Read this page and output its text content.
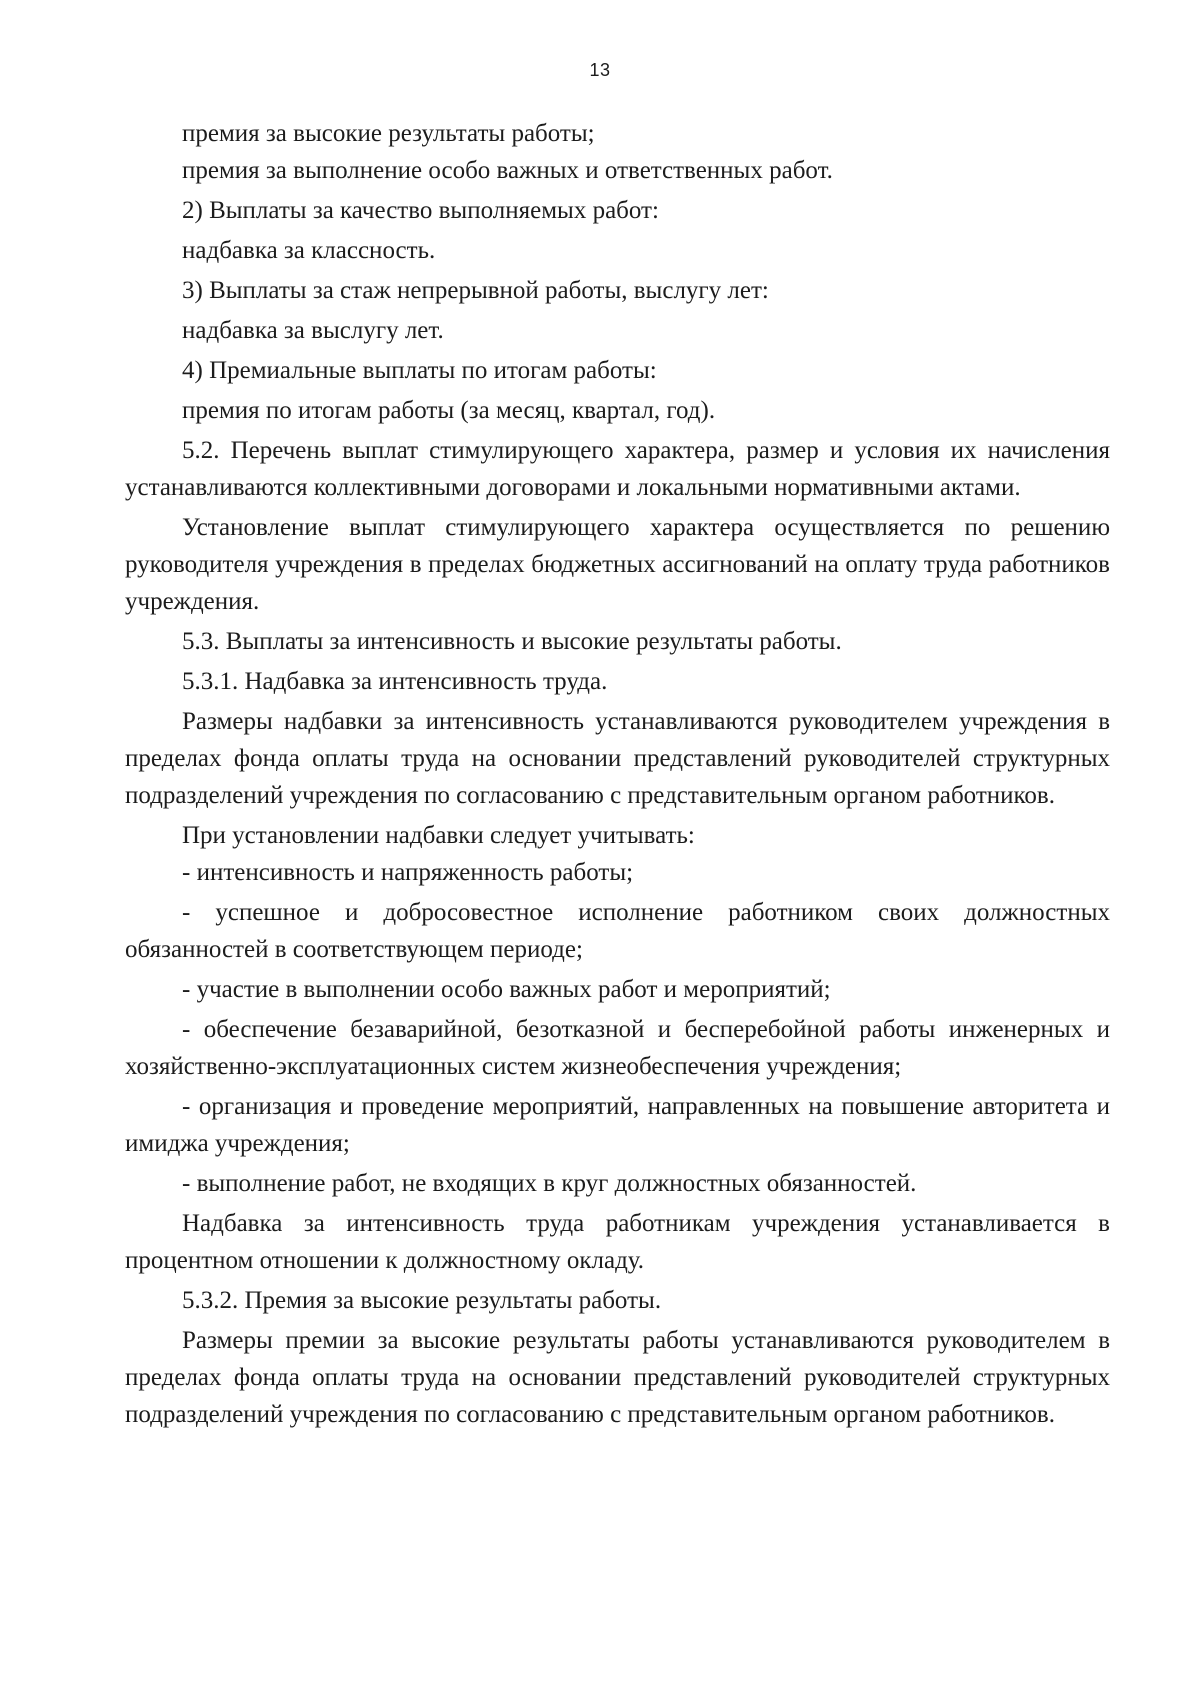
13

премия за высокие результаты работы;

премия за выполнение особо важных и ответственных работ.

2) Выплаты за качество выполняемых работ:

надбавка за классность.

3) Выплаты за стаж непрерывной работы, выслугу лет:

надбавка за выслугу лет.

4) Премиальные выплаты по итогам работы:

премия по итогам работы (за месяц, квартал, год).

5.2. Перечень выплат стимулирующего характера, размер и условия их начисления устанавливаются коллективными договорами и локальными нормативными актами.

Установление выплат стимулирующего характера осуществляется по решению руководителя учреждения в пределах бюджетных ассигнований на оплату труда работников учреждения.

5.3. Выплаты за интенсивность и высокие результаты работы.

5.3.1. Надбавка за интенсивность труда.

Размеры надбавки за интенсивность устанавливаются руководителем учреждения в пределах фонда оплаты труда на основании представлений руководителей структурных подразделений учреждения по согласованию с представительным органом работников.

При установлении надбавки следует учитывать:

- интенсивность и напряженность работы;

- успешное и добросовестное исполнение работником своих должностных обязанностей в соответствующем периоде;

- участие в выполнении особо важных работ и мероприятий;

- обеспечение безаварийной, безотказной и бесперебойной работы инженерных и хозяйственно-эксплуатационных систем жизнеобеспечения учреждения;

- организация и проведение мероприятий, направленных на повышение авторитета и имиджа учреждения;

- выполнение работ, не входящих в круг должностных обязанностей.

Надбавка за интенсивность труда работникам учреждения устанавливается в процентном отношении к должностному окладу.

5.3.2. Премия за высокие результаты работы.

Размеры премии за высокие результаты работы устанавливаются руководителем в пределах фонда оплаты труда на основании представлений руководителей структурных подразделений учреждения по согласованию с представительным органом работников.
